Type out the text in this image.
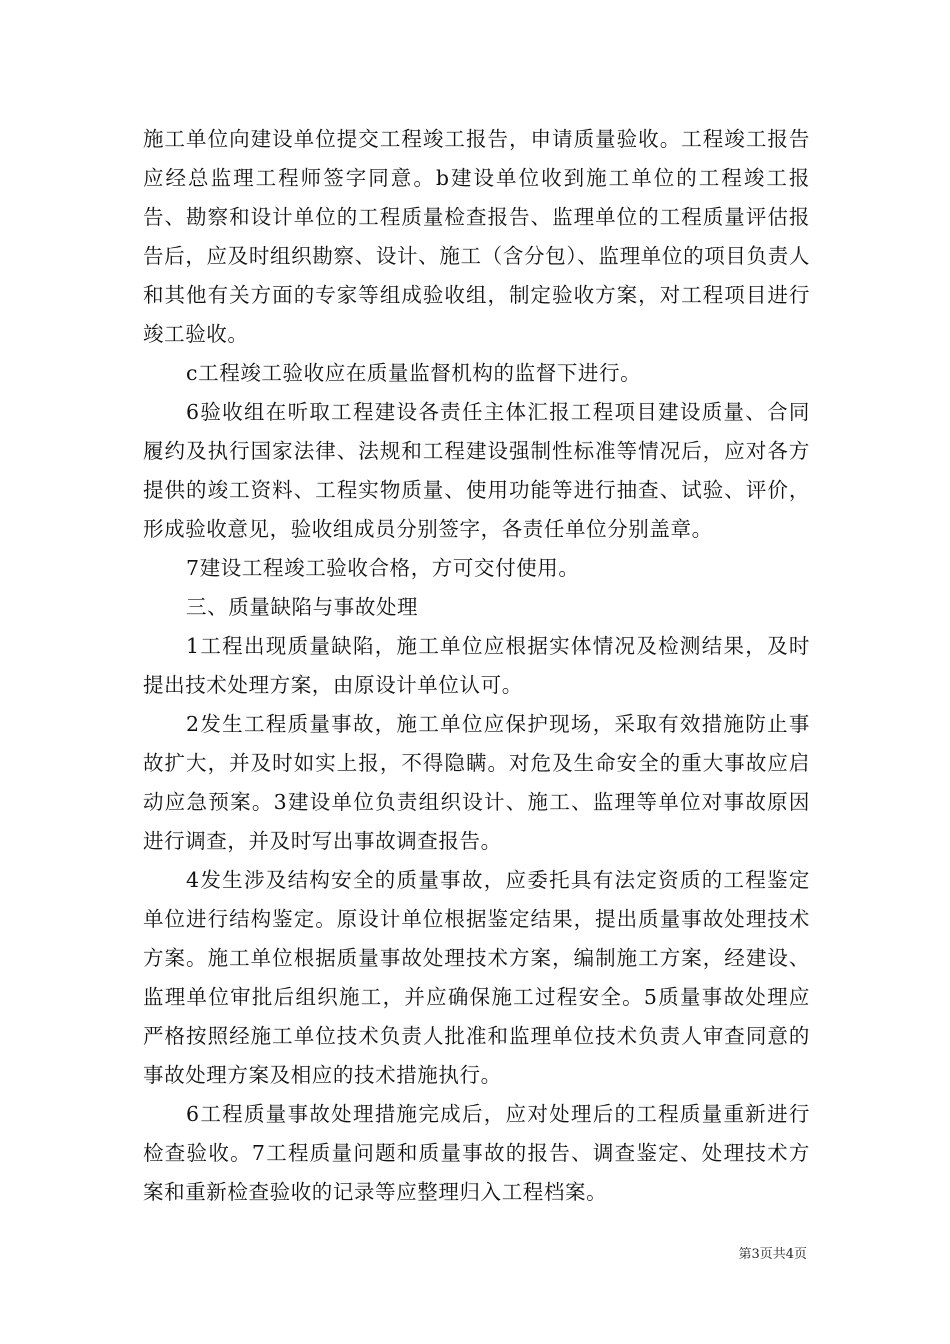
施工单位向建设单位提交工程竣工报告，申请质量验收。工程竣工报告应经总监理工程师签字同意。b建设单位收到施工单位的工程竣工报告、勘察和设计单位的工程质量检查报告、监理单位的工程质量评估报告后，应及时组织勘察、设计、施工（含分包）、监理单位的项目负责人和其他有关方面的专家等组成验收组，制定验收方案，对工程项目进行竣工验收。

c工程竣工验收应在质量监督机构的监督下进行。

6验收组在听取工程建设各责任主体汇报工程项目建设质量、合同履约及执行国家法律、法规和工程建设强制性标准等情况后，应对各方提供的竣工资料、工程实物质量、使用功能等进行抽查、试验、评价，形成验收意见，验收组成员分别签字，各责任单位分别盖章。

7建设工程竣工验收合格，方可交付使用。

三、质量缺陷与事故处理

1工程出现质量缺陷，施工单位应根据实体情况及检测结果，及时提出技术处理方案，由原设计单位认可。

2发生工程质量事故，施工单位应保护现场，采取有效措施防止事故扩大，并及时如实上报，不得隐瞒。对危及生命安全的重大事故应启动应急预案。3建设单位负责组织设计、施工、监理等单位对事故原因进行调查，并及时写出事故调查报告。

4发生涉及结构安全的质量事故，应委托具有法定资质的工程鉴定单位进行结构鉴定。原设计单位根据鉴定结果，提出质量事故处理技术方案。施工单位根据质量事故处理技术方案，编制施工方案，经建设、监理单位审批后组织施工，并应确保施工过程安全。5质量事故处理应严格按照经施工单位技术负责人批准和监理单位技术负责人审查同意的事故处理方案及相应的技术措施执行。

6工程质量事故处理措施完成后，应对处理后的工程质量重新进行检查验收。7工程质量问题和质量事故的报告、调查鉴定、处理技术方案和重新检查验收的记录等应整理归入工程档案。

第3页共4页
